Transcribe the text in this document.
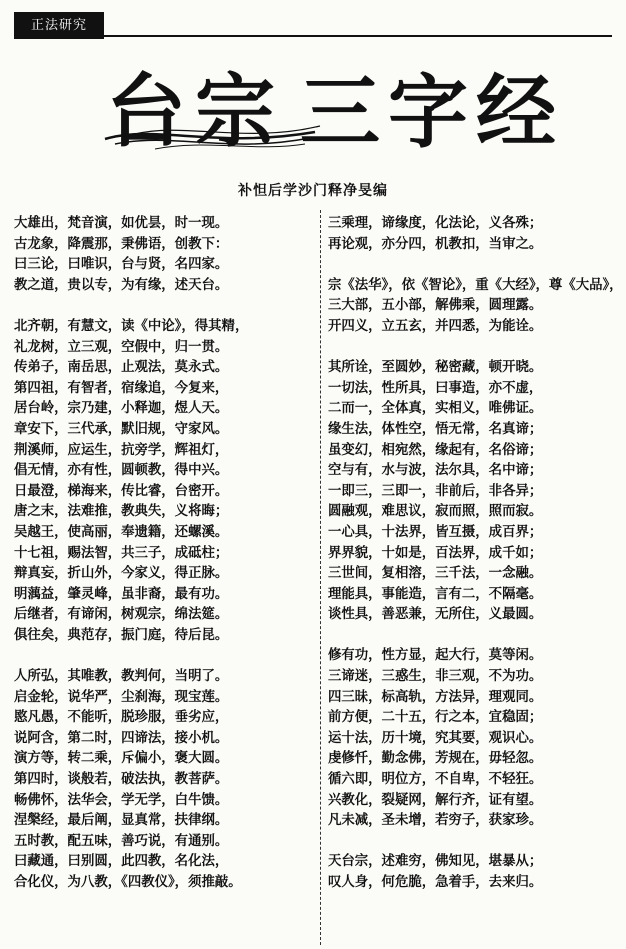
正法研究
台 宗 三 字 经
补怛后学沙门释净旻编
大雄出，梵音演，如优昙，时一现。
古龙象，降震那，秉佛语，创教下：
曰三论，曰唯识，台与贤，名四家。
教之道，贵以专，为有缘，述天台。
北齐朝，有慧文，读《中论》，得其精，
礼龙树，立三观，空假中，归一贯。
传弟子，南岳思，止观法，莫永式。
第四祖，有智者，宿缘追，今复来，
居台岭，宗乃建，小释迦，煜人天。
章安下，三代承，默旧规，守家风。
荆溪师，应运生，抗旁学，辉祖灯，
倡无情，亦有性，圆顿教，得中兴。
日最澄，梯海来，传比睿，台密开。
唐之末，法难推，教典失，义将晦；
吴越王，使高丽，奉遗籍，还螺溪。
十七祖，赐法智，共三子，成砥柱；
辩真妄，折山外，今家义，得正脉。
明蕅益，肇灵峰，虽非裔，最有功。
后继者，有谛闲，树观宗，绵法筵。
俱往矣，典范存，振门庭，待后昆。
人所弘，其唯教，教判何，当明了。
启金轮，说华严，尘刹海，现宝莲。
愍凡愚，不能听，脱珍服，垂劣应，
说阿含，第二时，四谛法，接小机。
演方等，转二乘，斥偏小，褒大圆。
第四时，谈般若，破法执，教菩萨。
畅佛怀，法华会，学无学，白牛馈。
涅槃经，最后阐，显真常，扶律纲。
五时教，配五味，善巧说，有通别。
曰藏通，曰别圆，此四教，名化法，
合化仪，为八教，《四教仪》，须推敲。
三乘理，谛缘度，化法论，义各殊；
再论观，亦分四，机教扣，当审之。
宗《法华》，依《智论》，重《大经》，尊《大品》，
三大部，五小部，解佛乘，圆理露。
开四义，立五玄，并四悉，为能诠。
其所诠，至圆妙，秘密藏，顿开晓。
一切法，性所具，曰事造，亦不虚，
二而一，全体真，实相义，唯佛证。
缘生法，体性空，悟无常，名真谛；
虽变幻，相宛然，缘起有，名俗谛；
空与有，水与波，法尔具，名中谛；
一即三，三即一，非前后，非各异；
圆融观，难思议，寂而照，照而寂。
一心具，十法界，皆互摄，成百界；
界界貌，十如是，百法界，成千如；
三世间，复相溶，三千法，一念融。
理能具，事能造，言有二，不隔毫。
谈性具，善恶兼，无所住，义最圆。
修有功，性方显，起大行，莫等闲。
三谛迷，三惑生，非三观，不为功。
四三昧，标高轨，方法异，理观同。
前方便，二十五，行之本，宜稳固；
运十法，历十境，究其要，观识心。
虔修忏，勤念佛，芳规在，毋轻忽。
循六即，明位方，不自卑，不轻狂。
兴教化，裂疑网，解行齐，证有望。
凡未减，圣未增，若穷子，获家珍。
天台宗，述难穷，佛知见，堪暴从；
叹人身，何危脆，急着手，去来归。
